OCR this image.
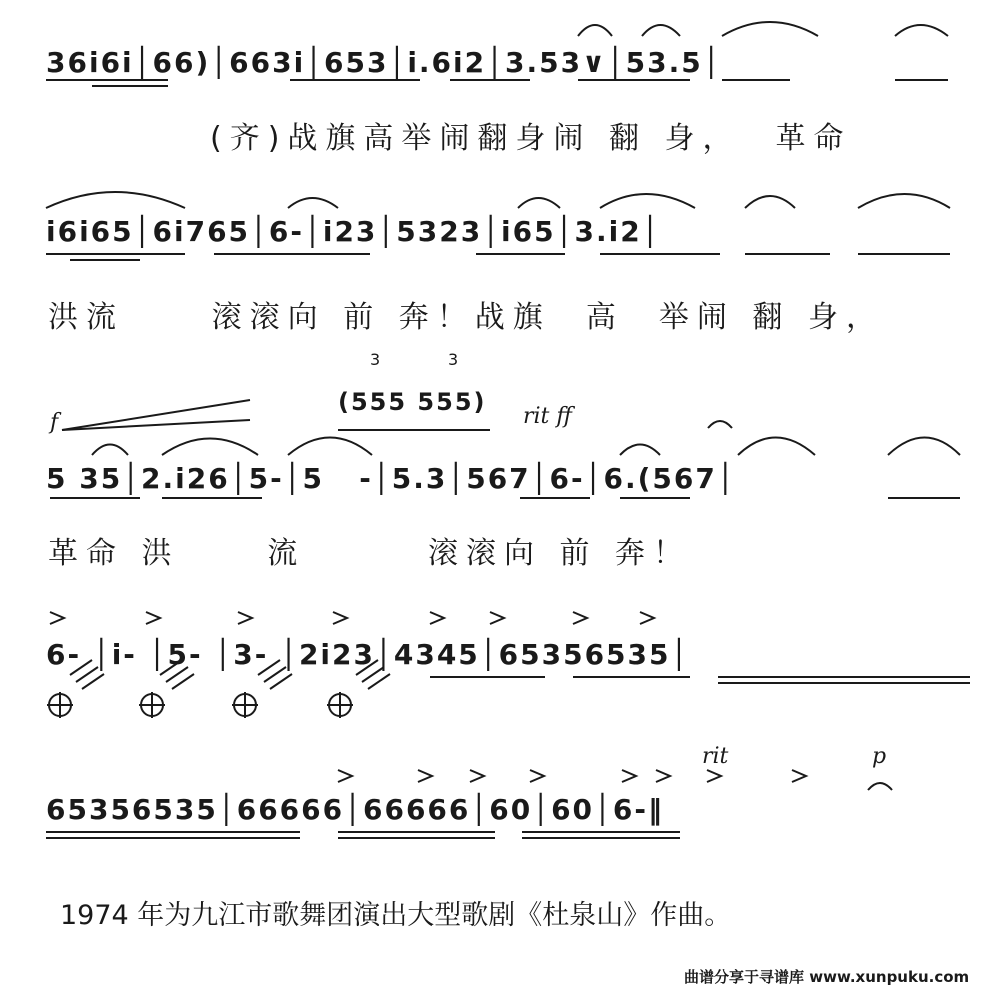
36i6i│66)│663i│653│i.6i2│3.53∨│53.5│
(齐)战旗高举闹翻身闹 翻 身，  革命
i6i65│6i765│6-│i23│5323│i65│3.i2│
洪流     滚滚向 前 奔！战旗  高  举闹 翻 身，
f
3	3
(555 555)
rit ff
5 35│2.i26│5-│5   -│5.3│567│6-│6.(567│
革命 洪     流       滚滚向 前 奔！
6- │i- │5- │3- │2i23│4345│65356535│
rit	p
65356535│66666│66666│60│60│6-‖
1974 年为九江市歌舞团演出大型歌剧《杜泉山》作曲。
曲谱分享于寻谱库 www.xunpuku.com
